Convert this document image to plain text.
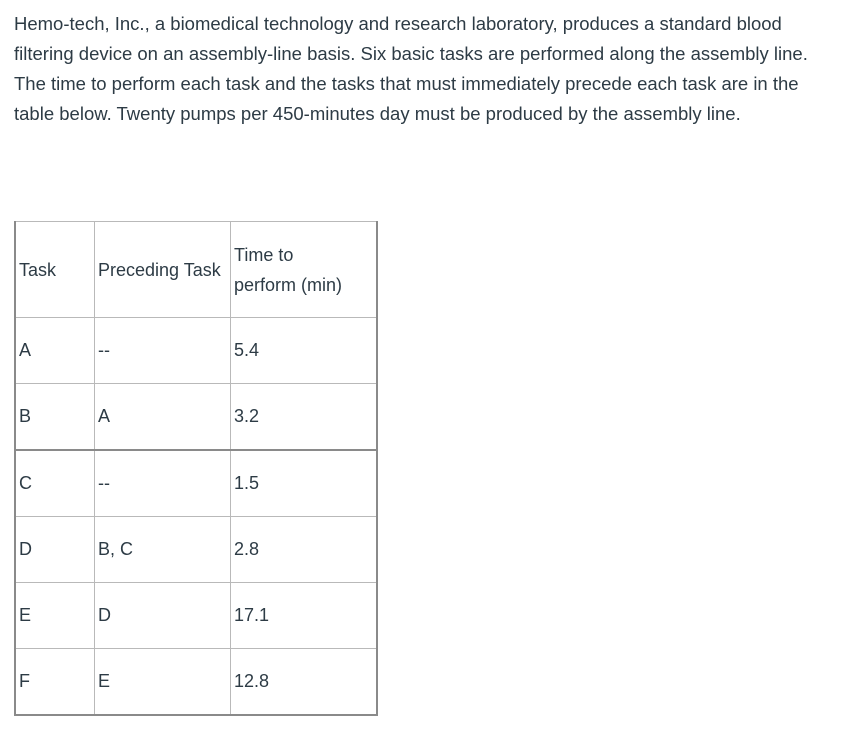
Hemo-tech, Inc., a biomedical technology and research laboratory, produces a standard blood filtering device on an assembly-line basis. Six basic tasks are performed along the assembly line. The time to perform each task and the tasks that must immediately precede each task are in the table below. Twenty pumps per 450-minutes day must be produced by the assembly line.

Task	Preceding Task	Time to
perform (min)

A	--	5.4
B	A	3.2
C	--	1.5
D	B, C	2.8
E	D	17.1
F	E	12.8
